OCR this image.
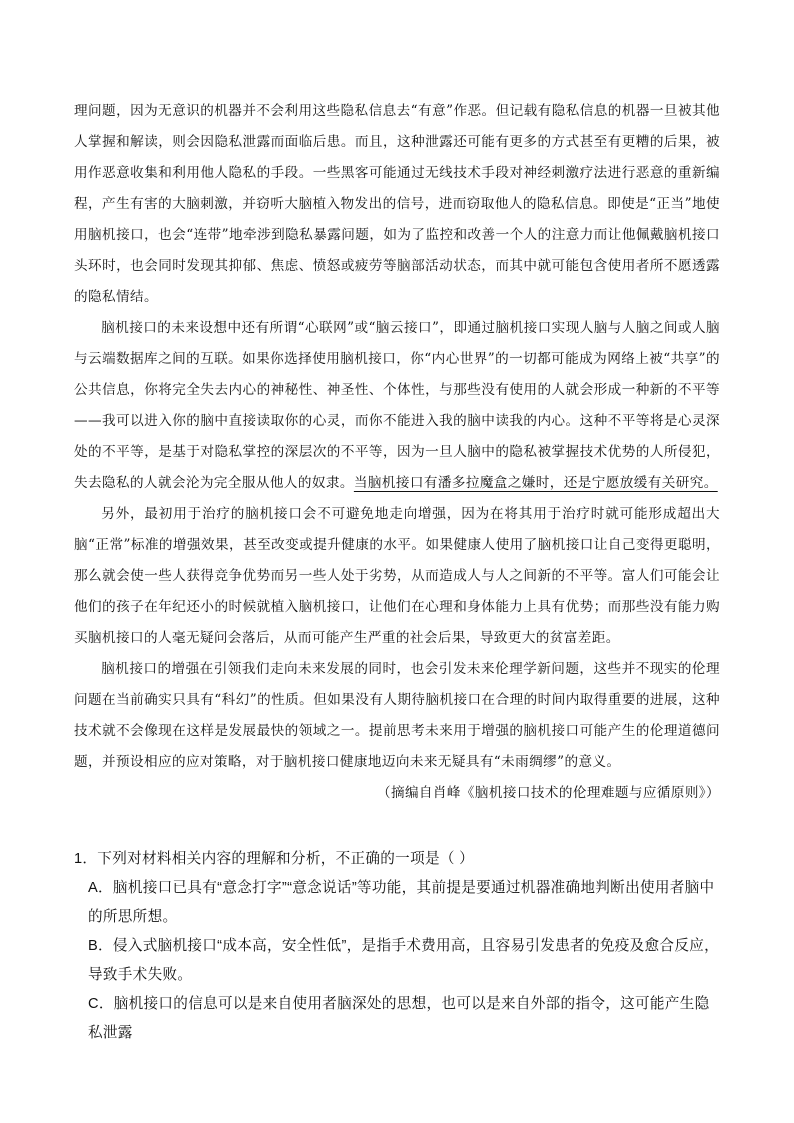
理问题，因为无意识的机器并不会利用这些隐私信息去“有意”作恶。但记载有隐私信息的机器一旦被其他人掌握和解读，则会因隐私泄露而面临后患。而且，这种泄露还可能有更多的方式甚至有更糟的后果，被用作恶意收集和利用他人隐私的手段。一些黑客可能通过无线技术手段对神经刺激疗法进行恶意的重新编程，产生有害的大脑刺激，并窃听大脑植入物发出的信号，进而窃取他人的隐私信息。即使是“正当”地使用脑机接口，也会“连带”地牵涉到隐私暴露问题，如为了监控和改善一个人的注意力而让他佩戴脑机接口头环时，也会同时发现其抑郁、焦虑、愤怒或疲劳等脑部活动状态，而其中就可能包含使用者所不愿透露的隐私情结。

脑机接口的未来设想中还有所谓“心联网”或“脑云接口”，即通过脑机接口实现人脑与人脑之间或人脑与云端数据库之间的互联。如果你选择使用脑机接口，你“内心世界”的一切都可能成为网络上被“共享”的公共信息，你将完全失去内心的神秘性、神圣性、个体性，与那些没有使用的人就会形成一种新的不平等——我可以进入你的脑中直接读取你的心灵，而你不能进入我的脑中读我的内心。这种不平等将是心灵深处的不平等，是基于对隐私掌控的深层次的不平等，因为一旦人脑中的隐私被掌握技术优势的人所侵犯，失去隐私的人就会沦为完全服从他人的奴隶。当脑机接口有潘多拉魔盒之嫌时，还是宁愿放缓有关研究。

另外，最初用于治疗的脑机接口会不可避免地走向增强，因为在将其用于治疗时就可能形成超出大脑“正常”标准的增强效果，甚至改变或提升健康的水平。如果健康人使用了脑机接口让自己变得更聪明，那么就会使一些人获得竞争优势而另一些人处于劣势，从而造成人与人之间新的不平等。富人们可能会让他们的孩子在年纪还小的时候就植入脑机接口，让他们在心理和身体能力上具有优势；而那些没有能力购买脑机接口的人毫无疑问会落后，从而可能产生严重的社会后果，导致更大的贫富差距。

脑机接口的增强在引领我们走向未来发展的同时，也会引发未来伦理学新问题，这些并不现实的伦理问题在当前确实只具有“科幻”的性质。但如果没有人期待脑机接口在合理的时间内取得重要的进展，这种技术就不会像现在这样是发展最快的领域之一。提前思考未来用于增强的脑机接口可能产生的伦理道德问题，并预设相应的应对策略，对于脑机接口健康地迈向未来无疑具有“未雨绸缪”的意义。

（摘编自肖峰《脑机接口技术的伦理难题与应循原则》）

1．下列对材料相关内容的理解和分析，不正确的一项是（ ）

A．脑机接口已具有“意念打字”“意念说话”等功能，其前提是要通过机器准确地判断出使用者脑中的所思所想。

B．侵入式脑机接口“成本高，安全性低”，是指手术费用高，且容易引发患者的免疫及愈合反应，导致手术失败。

C．脑机接口的信息可以是来自使用者脑深处的思想，也可以是来自外部的指令，这可能产生隐私泄露
